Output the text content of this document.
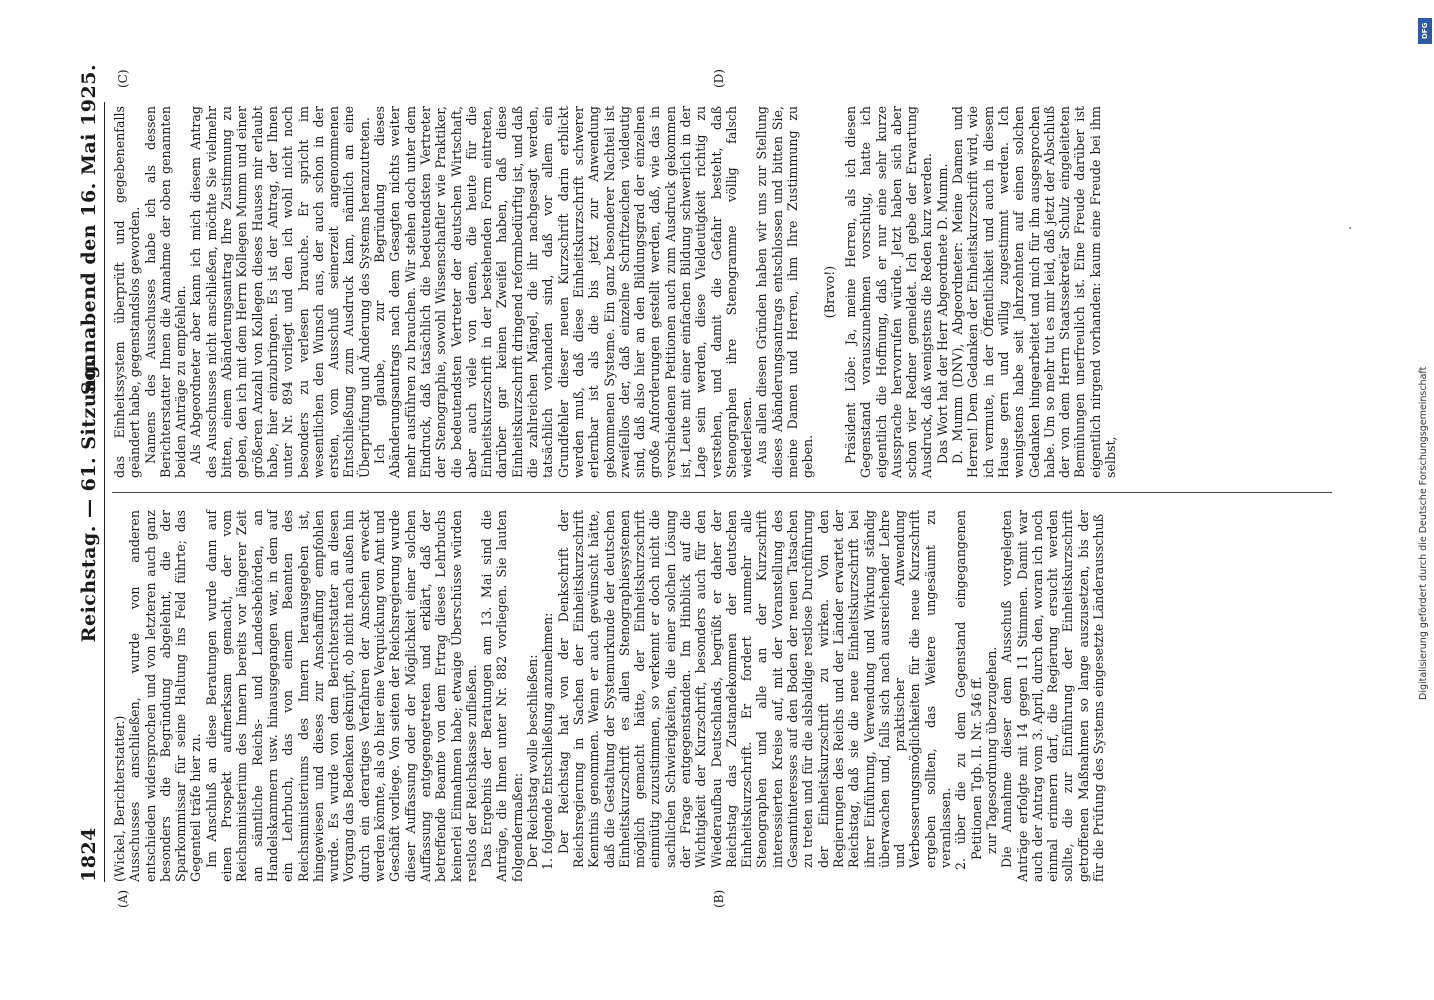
1824
Reichstag. — 61. Sitzung.
Sonnabend den 16. Mai 1925.
(A)	(B)
(C)	(D)

(Wickel, Berichterstatter.) Ausschusses anschließen, wurde von anderen entschieden widersprochen und von letzteren auch ganz besonders die Begründung abgelehnt, die der Sparkommissar für seine Haltung ins Feld führte; das Gegenteil träfe hier zu. Im Anschluß an diese Beratungen wurde dann auf einen Prospekt aufmerksam gemacht, der vom Reichsministerium des Innern bereits vor längerer Zeit an sämtliche Reichs- und Landesbehörden, an Handelskammern usw. hinausgegangen war, in dem auf ein Lehrbuch, das von einem Beamten des Reichsministeriums des Innern herausgegeben ist, hingewiesen und dieses zur Anschaffung empfohlen wurde. Es wurde von dem Berichterstatter an diesen Vorgang das Bedenken geknüpft, ob nicht nach außen hin durch ein derartiges Verfahren der Anschein erweckt werden könnte, als ob hier eine Verquickung von Amt und Geschäft vorliege. Von seiten der Reichsregierung wurde dieser Auffassung oder der Möglichkeit einer solchen Auffassung entgegengetreten und erklärt, daß der betreffende Beamte von dem Ertrag dieses Lehrbuchs keinerlei Einnahmen habe; etwaige Überschüsse würden restlos der Reichskasse zufließen. Das Ergebnis der Beratungen am 13. Mai sind die Anträge, die Ihnen unter Nr. 882 vorliegen. Sie lauten folgendermaßen: Der Reichstag wolle beschließen: 1. folgende Entschließung anzunehmen: Der Reichstag hat von der Denkschrift der Reichsregierung in Sachen der Einheitskurzschrift Kenntnis genommen. Wenn er auch gewünscht hätte, daß die Gestaltung der Systemurkunde der deutschen Einheitskurzschrift es allen Stenographiesystemen möglich gemacht hätte, der Einheitskurzschrift einmütig zuzustimmen, so verkennt er doch nicht die sachlichen Schwierigkeiten, die einer solchen Lösung der Frage entgegenstanden. Im Hinblick auf die Wichtigkeit der Kurzschrift, besonders auch für den Wiederaufbau Deutschlands, begrüßt er daher der Reichstag das Zustandekommen der deutschen Einheitskurzschrift. Er fordert nunmehr alle Stenographen und alle an der Kurzschrift interessierten Kreise auf, mit der Voranstellung des Gesamtinteresses auf den Boden der neuen Tatsachen zu treten und für die alsbaldige restlose Durchführung der Einheitskurzschrift zu wirken. Von den Regierungen des Reichs und der Länder erwartet der Reichstag, daß sie die neue Einheitskurzschrift bei ihrer Einführung, Verwendung und Wirkung ständig überwachen und, falls sich nach ausreichender Lehre und praktischer Anwendung Verbesserungsmöglichkeiten für die neue Kurzschrift ergeben sollten, das Weitere ungesäumt zu veranlassen. 2. über die zu dem Gegenstand eingegangenen Petitionen Tgb. II. Nr. 546 ff. zur Tagesordnung überzugehen. Die Annahme dieser dem Ausschuß vorgelegten Anträge erfolgte mit 14 gegen 11 Stimmen. Damit war auch der Antrag vom 3. April, durch den, woran ich noch einmal erinnern darf, die Regierung ersucht werden sollte, die zur Einführung der Einheitskurzschrift getroffenen Maßnahmen so lange auszusetzen, bis der für die Prüfung des Systems eingesetzte Länderausschuß

das Einheitssystem überprüft und gegebenenfalls geändert habe, gegenstandslos geworden. Namens des Ausschusses habe ich als dessen Berichterstatter Ihnen die Annahme der oben genannten beiden Anträge zu empfehlen. Als Abgeordneter aber kann ich mich diesem Antrag des Ausschusses nicht anschließen, möchte Sie vielmehr bitten, einem Abänderungsantrag Ihre Zustimmung zu geben, den ich mit dem Herrn Kollegen Mumm und einer größeren Anzahl von Kollegen dieses Hauses mir erlaubt habe, hier einzubringen. Es ist der Antrag, der Ihnen unter Nr. 894 vorliegt und den ich wohl nicht noch besonders zu verlesen brauche. Er spricht im wesentlichen den Wunsch aus, der auch schon in der ersten, vom Ausschuß seinerzeit angenommenen Entschließung zum Ausdruck kam, nämlich an eine Überprüfung und Änderung des Systems heranzutreten. Ich glaube, zur Begründung dieses Abänderungsantrags nach dem Gesagten nichts weiter mehr ausführen zu brauchen. Wir stehen doch unter dem Eindruck, daß tatsächlich die bedeutendsten Vertreter der Stenographie, sowohl Wissenschaftler wie Praktiker, die bedeutendsten Vertreter der deutschen Wirtschaft, aber auch viele von denen, die heute für die Einheitskurzschrift in der bestehenden Form eintreten, darüber gar keinen Zweifel haben, daß diese Einheitskurzschrift dringend reformbedürftig ist, und daß die zahlreichen Mängel, die ihr nachgesagt werden, tatsächlich vorhanden sind, daß vor allem ein Grundfehler dieser neuen Kurzschrift darin erblickt werden muß, daß diese Einheitskurzschrift schwerer erlernbar ist als die bis jetzt zur Anwendung gekommenen Systeme. Ein ganz besonderer Nachteil ist zweifellos der, daß einzelne Schriftzeichen vieldeutig sind, daß also hier an den Bildungsgrad der einzelnen große Anforderungen gestellt werden, daß, wie das in verschiedenen Petitionen auch zum Ausdruck gekommen ist, Leute mit einer einfachen Bildung schwerlich in der Lage sein werden, diese Vieldeutigkeit richtig zu verstehen, und damit die Gefahr besteht, daß Stenographen ihre Stenogramme völlig falsch wiederlesen. Aus allen diesen Gründen haben wir uns zur Stellung dieses Abänderungsantrags entschlossen und bitten Sie, meine Damen und Herren, ihm Ihre Zustimmung zu geben.

(Bravo!) Präsident Löbe: Ja, meine Herren, als ich diesen Gegenstand vorauszunehmen vorschlug, hatte ich eigentlich die Hoffnung, daß er nur eine sehr kurze Aussprache hervorrufen würde. Jetzt haben sich aber schon vier Redner gemeldet. Ich gebe der Erwartung Ausdruck, daß wenigstens die Reden kurz werden. Das Wort hat der Herr Abgeordnete D. Mumm. D. Mumm (DNV), Abgeordneter: Meine Damen und Herren! Dem Gedanken der Einheitskurzschrift wird, wie ich vermute, in der Öffentlichkeit und auch in diesem Hause gern und willig zugestimmt werden. Ich wenigstens habe seit Jahrzehnten auf einen solchen Gedanken hingearbeitet und mich für ihn ausgesprochen habe. Um so mehr tut es mir leid, daß jetzt der Abschluß der von dem Herrn Staatssekretär Schulz eingeleiteten Bemühungen unerfreulich ist. Eine Freude darüber ist eigentlich nirgend vorhanden: kaum eine Freude bei ihm selbst,

.
DFG
Digitalisierung gefördert durch die Deutsche Forschungsgemeinschaft
